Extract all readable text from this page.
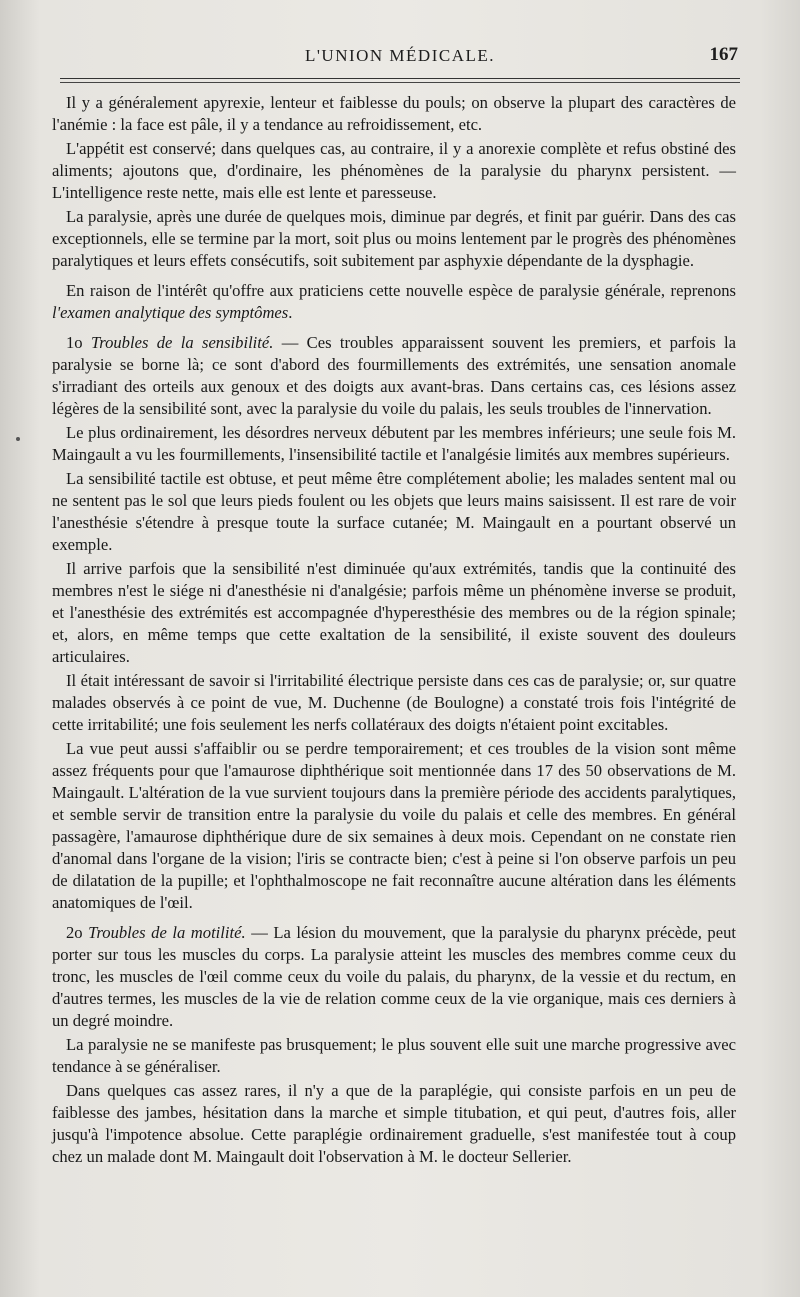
L'UNION MÉDICALE.	167

Il y a généralement apyrexie, lenteur et faiblesse du pouls; on observe la plupart des caractères de l'anémie : la face est pâle, il y a tendance au refroidissement, etc.

L'appétit est conservé; dans quelques cas, au contraire, il y a anorexie complète et refus obstiné des aliments; ajoutons que, d'ordinaire, les phénomènes de la paralysie du pharynx persistent. — L'intelligence reste nette, mais elle est lente et paresseuse.

La paralysie, après une durée de quelques mois, diminue par degrés, et finit par guérir. Dans des cas exceptionnels, elle se termine par la mort, soit plus ou moins lentement par le progrès des phénomènes paralytiques et leurs effets consécutifs, soit subitement par asphyxie dépendante de la dysphagie.

En raison de l'intérêt qu'offre aux praticiens cette nouvelle espèce de paralysie générale, reprenons l'examen analytique des symptômes.

1o Troubles de la sensibilité. — Ces troubles apparaissent souvent les premiers, et parfois la paralysie se borne là; ce sont d'abord des fourmillements des extrémités, une sensation anomale s'irradiant des orteils aux genoux et des doigts aux avant-bras. Dans certains cas, ces lésions assez légères de la sensibilité sont, avec la paralysie du voile du palais, les seuls troubles de l'innervation.

Le plus ordinairement, les désordres nerveux débutent par les membres inférieurs; une seule fois M. Maingault a vu les fourmillements, l'insensibilité tactile et l'analgésie limités aux membres supérieurs.

La sensibilité tactile est obtuse, et peut même être complétement abolie; les malades sentent mal ou ne sentent pas le sol que leurs pieds foulent ou les objets que leurs mains saisissent. Il est rare de voir l'anesthésie s'étendre à presque toute la surface cutanée; M. Maingault en a pourtant observé un exemple.

Il arrive parfois que la sensibilité n'est diminuée qu'aux extrémités, tandis que la continuité des membres n'est le siége ni d'anesthésie ni d'analgésie; parfois même un phénomène inverse se produit, et l'anesthésie des extrémités est accompagnée d'hyperesthésie des membres ou de la région spinale; et, alors, en même temps que cette exaltation de la sensibilité, il existe souvent des douleurs articulaires.

Il était intéressant de savoir si l'irritabilité électrique persiste dans ces cas de paralysie; or, sur quatre malades observés à ce point de vue, M. Duchenne (de Boulogne) a constaté trois fois l'intégrité de cette irritabilité; une fois seulement les nerfs collatéraux des doigts n'étaient point excitables.

La vue peut aussi s'affaiblir ou se perdre temporairement; et ces troubles de la vision sont même assez fréquents pour que l'amaurose diphthérique soit mentionnée dans 17 des 50 observations de M. Maingault. L'altération de la vue survient toujours dans la première période des accidents paralytiques, et semble servir de transition entre la paralysie du voile du palais et celle des membres. En général passagère, l'amaurose diphthérique dure de six semaines à deux mois. Cependant on ne constate rien d'anomal dans l'organe de la vision; l'iris se contracte bien; c'est à peine si l'on observe parfois un peu de dilatation de la pupille; et l'ophthalmoscope ne fait reconnaître aucune altération dans les éléments anatomiques de l'œil.

2o Troubles de la motilité. — La lésion du mouvement, que la paralysie du pharynx précède, peut porter sur tous les muscles du corps. La paralysie atteint les muscles des membres comme ceux du tronc, les muscles de l'œil comme ceux du voile du palais, du pharynx, de la vessie et du rectum, en d'autres termes, les muscles de la vie de relation comme ceux de la vie organique, mais ces derniers à un degré moindre.

La paralysie ne se manifeste pas brusquement; le plus souvent elle suit une marche progressive avec tendance à se généraliser.

Dans quelques cas assez rares, il n'y a que de la paraplégie, qui consiste parfois en un peu de faiblesse des jambes, hésitation dans la marche et simple titubation, et qui peut, d'autres fois, aller jusqu'à l'impotence absolue. Cette paraplégie ordinairement graduelle, s'est manifestée tout à coup chez un malade dont M. Maingault doit l'observation à M. le docteur Sellerier.
